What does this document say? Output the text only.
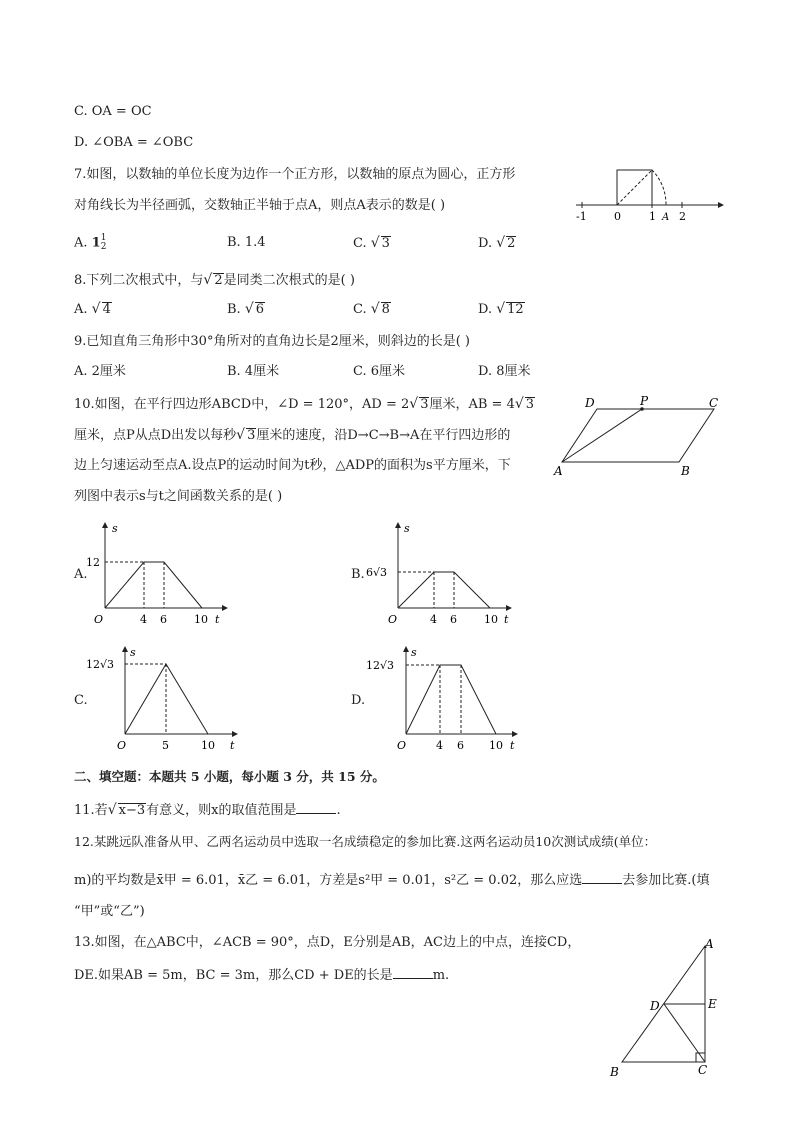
C. OA = OC
D. ∠OBA = ∠OBC
7.如图，以数轴的单位长度为边作一个正方形，以数轴的原点为圆心，正方形
对角线长为半径画弧，交数轴正半轴于点A，则点A表示的数是( )
A. 1 1
2	B. 1.4	C. √ 3	D. √ 2
-1 0	1 A 2
8.下列二次根式中，与√ 2是同类二次根式的是( )
A. √ 4	B. √ 6	C. √ 8	D. √ 12
9.已知直角三角形中30°角所对的直角边长是2厘米，则斜边的长是( )
A. 2厘米	B. 4厘米	C. 6厘米	D. 8厘米
10.如图，在平行四边形ABCD中，∠D = 120°，AD = 2√ 3厘米，AB = 4√ 3
厘米，点P从点D出发以每秒√ 3厘米的速度，沿D→C→B→A在平行四边形的
边上匀速运动至点A.设点P的运动时间为t秒，△ADP的面积为s平方厘米，下
列图中表示s与t之间函数关系的是( )
D	P	C
A	B
A.
s
12
O	4 6 10 t
B.
s
6√3
O	4 6 10 t
C.
s
12√3
O	5	10 t
D.
s
12√3
O	4 6 10 t
二、填空题：本题共 5 小题，每小题 3 分，共 15 分。
11.若√ x−3有意义，则x的取值范围是	.
12.某跳远队准备从甲、乙两名运动员中选取一名成绩稳定的参加比赛.这两名运动员10次测试成绩(单位：
m)的平均数是x̄甲 = 6.01，x̄乙 = 6.01，方差是s²甲 = 0.01，s²乙 = 0.02，那么应选	去参加比赛.(填
“甲”或“乙”)
13.如图，在△ABC中，∠ACB = 90°，点D，E分别是AB，AC边上的中点，连接CD，
DE.如果AB = 5m，BC = 3m，那么CD + DE的长是	m.
A
D	E
B	C
